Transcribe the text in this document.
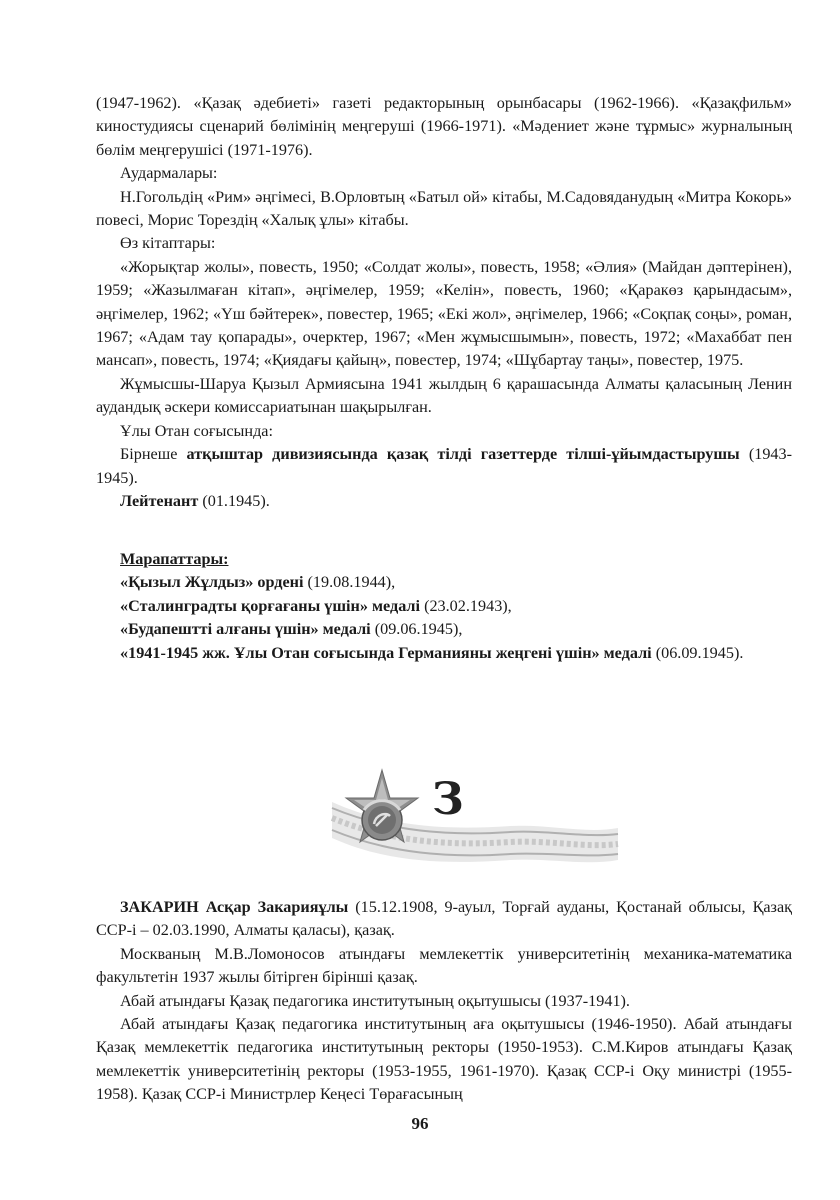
(1947-1962). «Қазақ әдебиеті» газеті редакторының орынбасары (1962-1966). «Қазақфильм» киностудиясы сценарий бөлімінің меңгеруші (1966-1971). «Мәдениет және тұрмыс» журналының бөлім меңгерушісі (1971-1976).

Аудармалары:

Н.Гогольдің «Рим» әңгімесі, В.Орловтың «Батыл ой» кітабы, М.Садовяданудың «Митра Кокорь» повесі, Морис Торездің «Халық ұлы» кітабы.

Өз кітаптары:

«Жорықтар жолы», повесть, 1950; «Солдат жолы», повесть, 1958; «Әлия» (Майдан дәптерінен), 1959; «Жазылмаған кітап», әңгімелер, 1959; «Келін», повесть, 1960; «Қаракөз қарындасым», әңгімелер, 1962; «Үш бәйтерек», повестер, 1965; «Екі жол», әңгімелер, 1966; «Соқпақ соңы», роман, 1967; «Адам тау қопарады», очерктер, 1967; «Мен жұмысшымын», повесть, 1972; «Махаббат пен мансап», повесть, 1974; «Қиядағы қайың», повестер, 1974; «Шұбартау таңы», повестер, 1975.

Жұмысшы-Шаруа Қызыл Армиясына 1941 жылдың 6 қарашасында Алматы қаласының Ленин аудандық әскери комиссариатынан шақырылған.

Ұлы Отан соғысында:

Бірнеше атқыштар дивизиясында қазақ тілді газеттерде тілші-ұйымдастырушы (1943-1945).

Лейтенант (01.1945).

Марапаттары:

«Қызыл Жұлдыз» ордені (19.08.1944),

«Сталинградты қорғағаны үшін» медалі (23.02.1943),

«Будапештті алғаны үшін» медалі (09.06.1945),

«1941-1945 жж. Ұлы Отан соғысында Германияны жеңгені үшін» медалі (06.09.1945).

З

ЗАКАРИН Асқар Закарияұлы (15.12.1908, 9-ауыл, Торғай ауданы, Қостанай облысы, Қазақ ССР-і – 02.03.1990, Алматы қаласы), қазақ.

Москваның М.В.Ломоносов атындағы мемлекеттік университетінің механика-математика факультетін 1937 жылы бітірген бірінші қазақ.

Абай атындағы Қазақ педагогика институтының оқытушысы (1937-1941).

Абай атындағы Қазақ педагогика институтының аға оқытушысы (1946-1950). Абай атындағы Қазақ мемлекеттік педагогика институтының ректоры (1950-1953). С.М.Киров атындағы Қазақ мемлекеттік университетінің ректоры (1953-1955, 1961-1970). Қазақ ССР-і Оқу министрі (1955-1958). Қазақ ССР-і Министрлер Кеңесі Төрағасының

96
